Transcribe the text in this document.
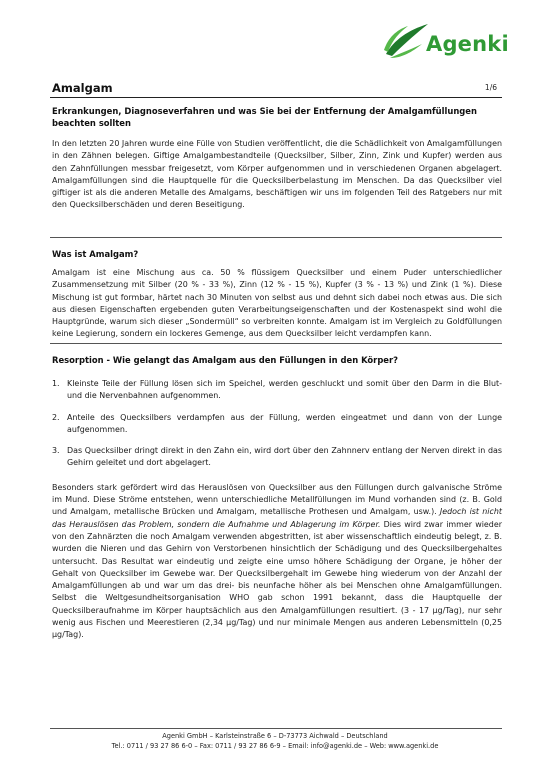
Agenki
Amalgam	1/6
Erkrankungen, Diagnoseverfahren und was Sie bei der Entfernung der Amalgamfüllungen beachten sollten

In den letzten 20 Jahren wurde eine Fülle von Studien veröffentlicht, die die Schädlichkeit von Amalgamfüllungen in den Zähnen belegen. Giftige Amalgambestandteile (Quecksilber, Silber, Zinn, Zink und Kupfer) werden aus den Zahnfüllungen messbar freigesetzt, vom Körper aufgenommen und in verschiedenen Organen abgelagert. Amalgamfüllungen sind die Hauptquelle für die Quecksilberbelastung im Menschen. Da das Quecksilber viel giftiger ist als die anderen Metalle des Amalgams, beschäftigen wir uns im folgenden Teil des Ratgebers nur mit den Quecksilberschäden und deren Beseitigung.

Was ist Amalgam?

Amalgam ist eine Mischung aus ca. 50 % flüssigem Quecksilber und einem Puder unterschiedlicher Zusammensetzung mit Silber (20 % - 33 %), Zinn (12 % - 15 %), Kupfer (3 % - 13 %) und Zink (1 %). Diese Mischung ist gut formbar, härtet nach 30 Minuten von selbst aus und dehnt sich dabei noch etwas aus. Die sich aus diesen Eigenschaften ergebenden guten Verarbeitungseigenschaften und der Kostenaspekt sind wohl die Hauptgründe, warum sich dieser „Sondermüll“ so verbreiten konnte. Amalgam ist im Vergleich zu Goldfüllungen keine Legierung, sondern ein lockeres Gemenge, aus dem Quecksilber leicht verdampfen kann.

Resorption - Wie gelangt das Amalgam aus den Füllungen in den Körper?
1. Kleinste Teile der Füllung lösen sich im Speichel, werden geschluckt und somit über den Darm in die Blut- und die Nervenbahnen aufgenommen.
2. Anteile des Quecksilbers verdampfen aus der Füllung, werden eingeatmet und dann von der Lunge aufgenommen.
3. Das Quecksilber dringt direkt in den Zahn ein, wird dort über den Zahnnerv entlang der Nerven direkt in das Gehirn geleitet und dort abgelagert.

Besonders stark gefördert wird das Herauslösen von Quecksilber aus den Füllungen durch galvanische Ströme im Mund. Diese Ströme entstehen, wenn unterschiedliche Metallfüllungen im Mund vorhanden sind (z. B. Gold und Amalgam, metallische Brücken und Amalgam, metallische Prothesen und Amalgam, usw.). Jedoch ist nicht das Herauslösen das Problem, sondern die Aufnahme und Ablagerung im Körper. Dies wird zwar immer wieder von den Zahnärzten die noch Amalgam verwenden abgestritten, ist aber wissenschaftlich eindeutig belegt, z. B. wurden die Nieren und das Gehirn von Verstorbenen hinsichtlich der Schädigung und des Quecksilbergehaltes untersucht. Das Resultat war eindeutig und zeigte eine umso höhere Schädigung der Organe, je höher der Gehalt von Quecksilber im Gewebe war. Der Quecksilbergehalt im Gewebe hing wiederum von der Anzahl der Amalgamfüllungen ab und war um das drei- bis neunfache höher als bei Menschen ohne Amalgamfüllungen. Selbst die Weltgesundheitsorganisation WHO gab schon 1991 bekannt, dass die Hauptquelle der Quecksilberaufnahme im Körper hauptsächlich aus den Amalgamfüllungen resultiert. (3 - 17 µg/Tag), nur sehr wenig aus Fischen und Meerestieren (2,34 µg/Tag) und nur minimale Mengen aus anderen Lebensmitteln (0,25 µg/Tag).

Agenki GmbH – Karlsteinstraße 6 – D-73773 Aichwald – Deutschland
Tel.: 0711 / 93 27 86 6-0 – Fax: 0711 / 93 27 86 6-9 – Email: info@agenki.de – Web: www.agenki.de
